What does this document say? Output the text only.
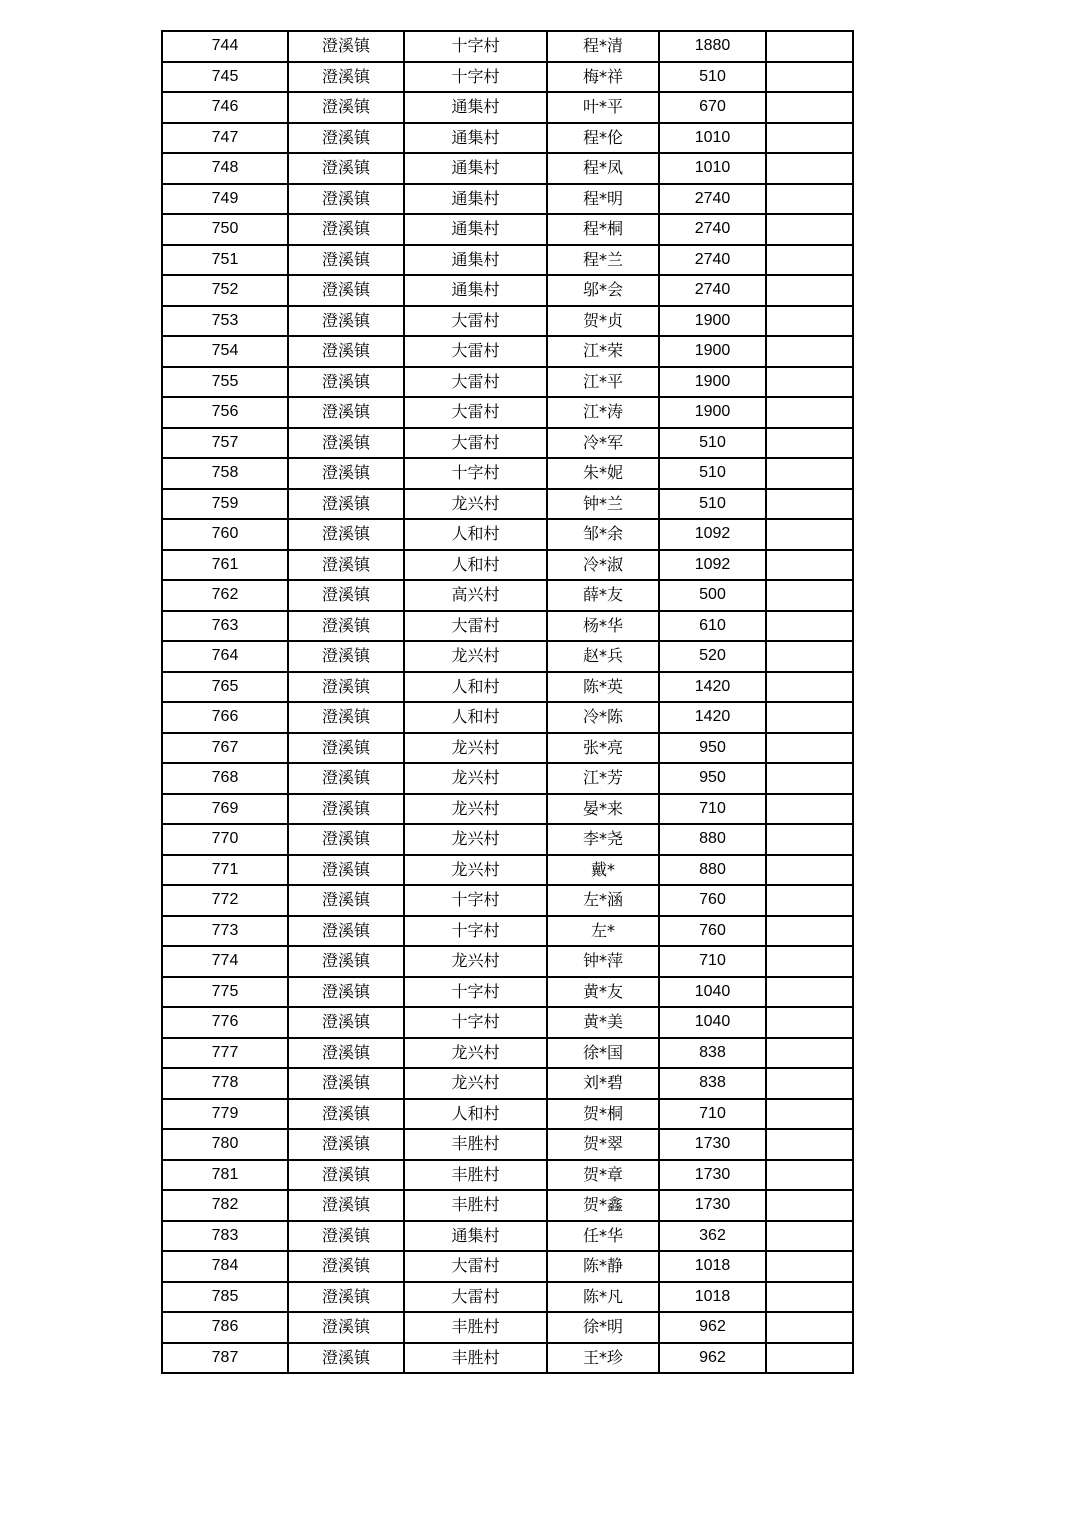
744	澄溪镇	十字村	程*清	1880	
745	澄溪镇	十字村	梅*祥	510	
746	澄溪镇	通集村	叶*平	670	
747	澄溪镇	通集村	程*伦	1010	
748	澄溪镇	通集村	程*凤	1010	
749	澄溪镇	通集村	程*明	2740	
750	澄溪镇	通集村	程*桐	2740	
751	澄溪镇	通集村	程*兰	2740	
752	澄溪镇	通集村	邬*会	2740	
753	澄溪镇	大雷村	贺*贞	1900	
754	澄溪镇	大雷村	江*荣	1900	
755	澄溪镇	大雷村	江*平	1900	
756	澄溪镇	大雷村	江*涛	1900	
757	澄溪镇	大雷村	冷*军	510	
758	澄溪镇	十字村	朱*妮	510	
759	澄溪镇	龙兴村	钟*兰	510	
760	澄溪镇	人和村	邹*余	1092	
761	澄溪镇	人和村	冷*淑	1092	
762	澄溪镇	高兴村	薛*友	500	
763	澄溪镇	大雷村	杨*华	610	
764	澄溪镇	龙兴村	赵*兵	520	
765	澄溪镇	人和村	陈*英	1420	
766	澄溪镇	人和村	冷*陈	1420	
767	澄溪镇	龙兴村	张*亮	950	
768	澄溪镇	龙兴村	江*芳	950	
769	澄溪镇	龙兴村	晏*来	710	
770	澄溪镇	龙兴村	李*尧	880	
771	澄溪镇	龙兴村	戴*	880	
772	澄溪镇	十字村	左*涵	760	
773	澄溪镇	十字村	左*	760	
774	澄溪镇	龙兴村	钟*萍	710	
775	澄溪镇	十字村	黄*友	1040	
776	澄溪镇	十字村	黄*美	1040	
777	澄溪镇	龙兴村	徐*国	838	
778	澄溪镇	龙兴村	刘*碧	838	
779	澄溪镇	人和村	贺*桐	710	
780	澄溪镇	丰胜村	贺*翠	1730	
781	澄溪镇	丰胜村	贺*章	1730	
782	澄溪镇	丰胜村	贺*鑫	1730	
783	澄溪镇	通集村	任*华	362	
784	澄溪镇	大雷村	陈*静	1018	
785	澄溪镇	大雷村	陈*凡	1018	
786	澄溪镇	丰胜村	徐*明	962	
787	澄溪镇	丰胜村	王*珍	962	
